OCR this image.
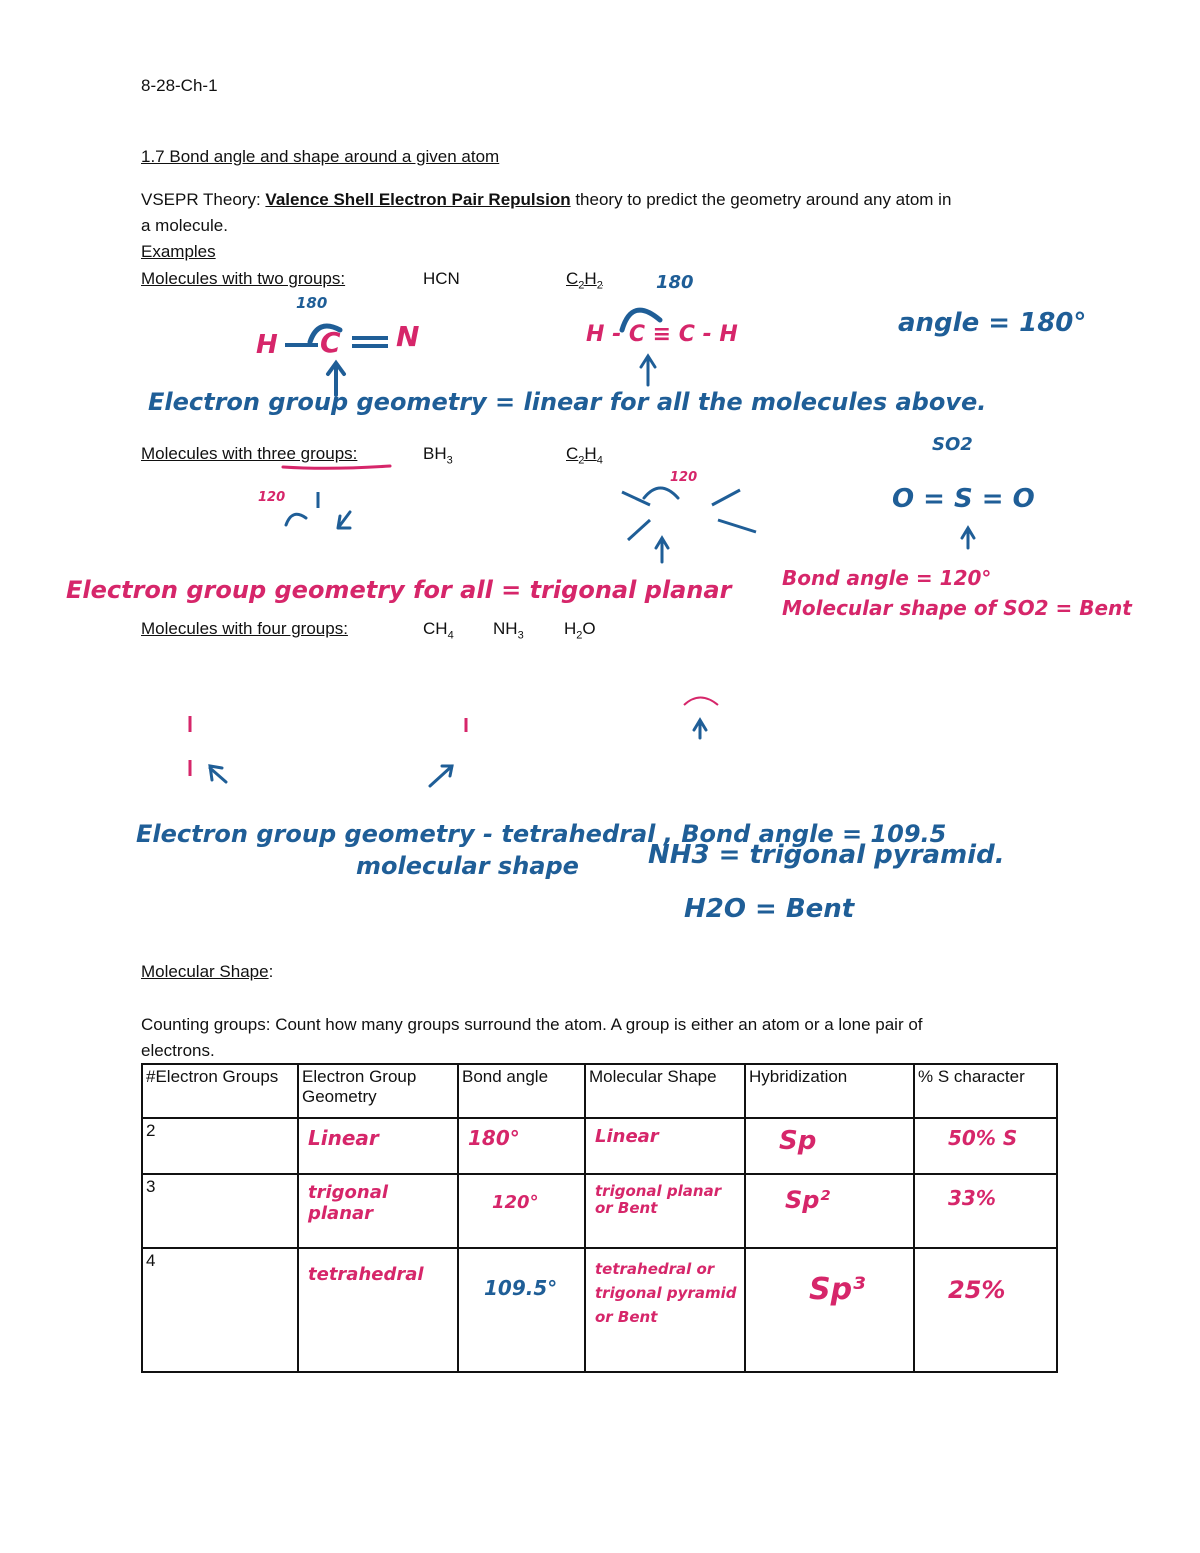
8-28-Ch-1
1.7 Bond angle and shape around a given atom
VSEPR Theory: Valence Shell Electron Pair Repulsion theory to predict the geometry around any atom in
a molecule.
Examples
Molecules with two groups:	HCN	$C_2H_2$
Molecules with three groups:	$BH_3$	$C_2H_4$
Molecules with four groups:	$CH_4$ $NH_3$ $H_2O$
Molecular Shape:
Counting groups: Count how many groups surround the atom. A group is either an atom or a lone pair of
electrons.
180
H C N
180
H - C ≡ C - H	angle = 180°
Electron group geometry = linear for all the molecules above.
SO2
O = S = O
120
120
Electron group geometry for all = trigonal planar	Bond angle = 120°
Molecular shape of SO2 = Bent
Electron group geometry - tetrahedral , Bond angle = 109.5
molecular shape	NH3 = trigonal pyramid.
H2O = Bent
#Electron Groups	Electron Group Geometry	Bond angle	Molecular Shape	Hybridization	% S character
2	Linear	180°	Linear	Sp	50% S

3	trigonal planar	120°	trigonal planar or Bent	Sp²	33%

4	tetrahedral	109.5°	tetrahedral or trigonal pyramid or Bent	Sp³	25%
